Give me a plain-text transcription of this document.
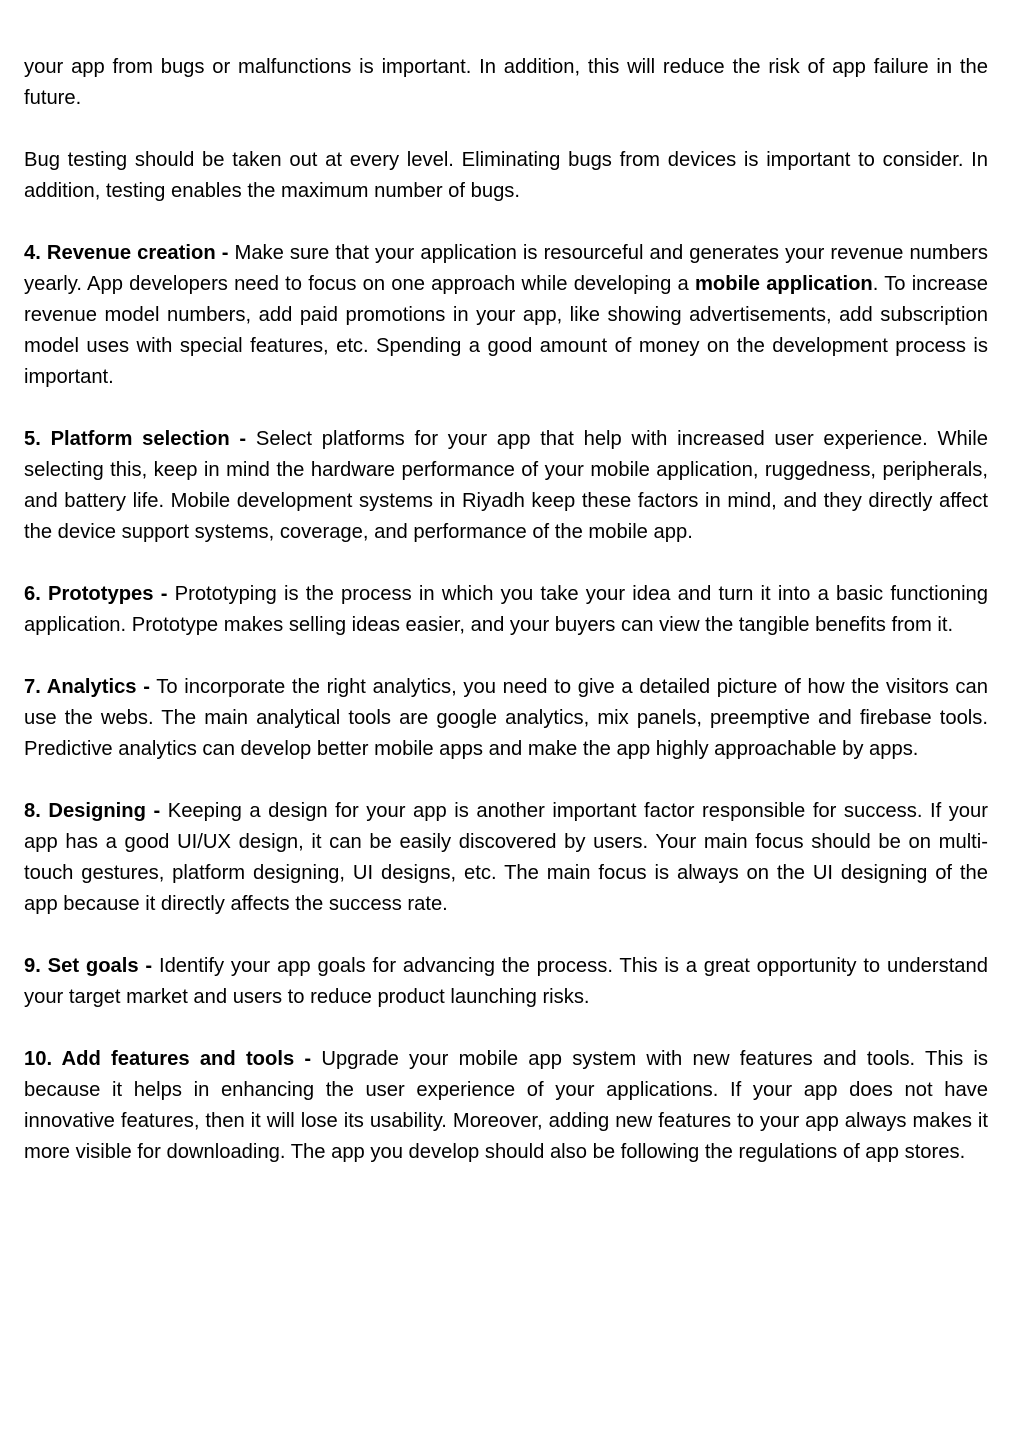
your app from bugs or malfunctions is important. In addition, this will reduce the risk of app failure in the future.

Bug testing should be taken out at every level. Eliminating bugs from devices is important to consider. In addition, testing enables the maximum number of bugs.

4. Revenue creation - Make sure that your application is resourceful and generates your revenue numbers yearly. App developers need to focus on one approach while developing a mobile application. To increase revenue model numbers, add paid promotions in your app, like showing advertisements, add subscription model uses with special features, etc. Spending a good amount of money on the development process is important.

5. Platform selection - Select platforms for your app that help with increased user experience. While selecting this, keep in mind the hardware performance of your mobile application, ruggedness, peripherals, and battery life. Mobile development systems in Riyadh keep these factors in mind, and they directly affect the device support systems, coverage, and performance of the mobile app.

6. Prototypes - Prototyping is the process in which you take your idea and turn it into a basic functioning application. Prototype makes selling ideas easier, and your buyers can view the tangible benefits from it.

7. Analytics - To incorporate the right analytics, you need to give a detailed picture of how the visitors can use the webs. The main analytical tools are google analytics, mix panels, preemptive and firebase tools. Predictive analytics can develop better mobile apps and make the app highly approachable by apps.

8. Designing - Keeping a design for your app is another important factor responsible for success. If your app has a good UI/UX design, it can be easily discovered by users. Your main focus should be on multi-touch gestures, platform designing, UI designs, etc. The main focus is always on the UI designing of the app because it directly affects the success rate.

9. Set goals - Identify your app goals for advancing the process. This is a great opportunity to understand your target market and users to reduce product launching risks.

10. Add features and tools - Upgrade your mobile app system with new features and tools. This is because it helps in enhancing the user experience of your applications. If your app does not have innovative features, then it will lose its usability. Moreover, adding new features to your app always makes it more visible for downloading. The app you develop should also be following the regulations of app stores.
